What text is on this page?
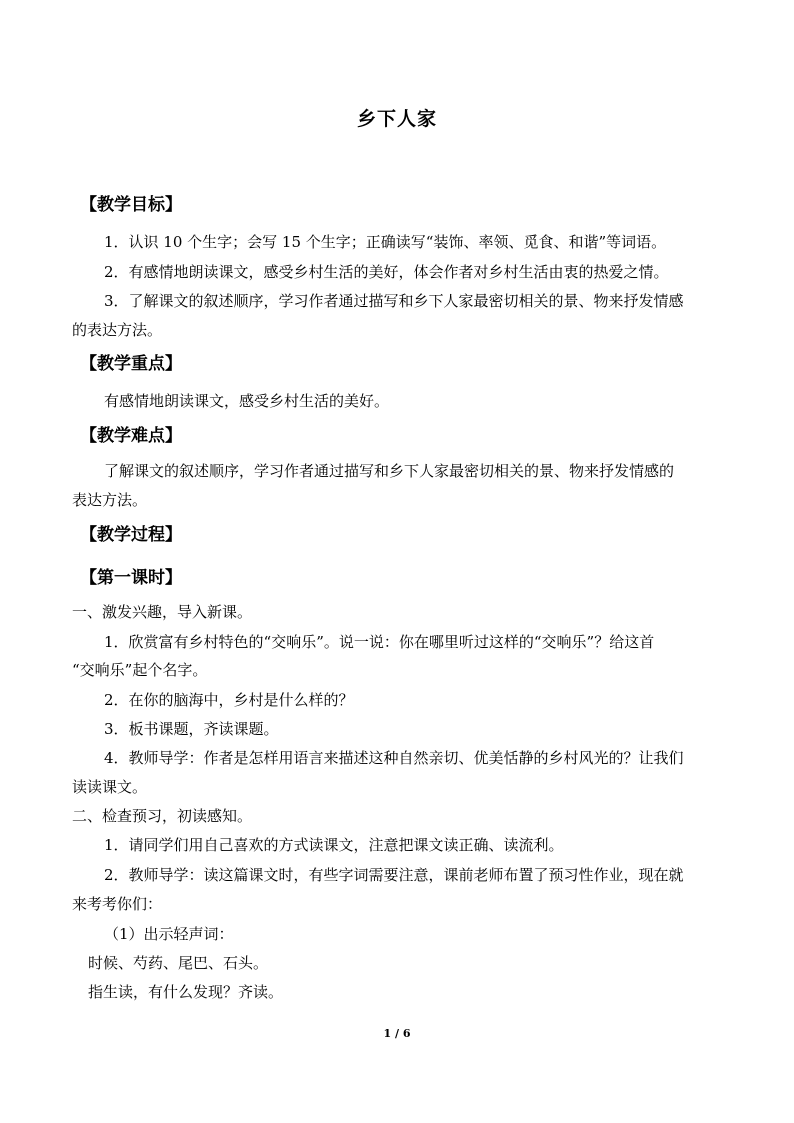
乡下人家
【教学目标】
1．认识 10 个生字；会写 15 个生字；正确读写“装饰、率领、觅食、和谐”等词语。
2．有感情地朗读课文，感受乡村生活的美好，体会作者对乡村生活由衷的热爱之情。
3．了解课文的叙述顺序，学习作者通过描写和乡下人家最密切相关的景、物来抒发情感
的表达方法。
【教学重点】
有感情地朗读课文，感受乡村生活的美好。
【教学难点】
了解课文的叙述顺序，学习作者通过描写和乡下人家最密切相关的景、物来抒发情感的
表达方法。
【教学过程】
【第一课时】
一、激发兴趣，导入新课。
1．欣赏富有乡村特色的“交响乐”。说一说：你在哪里听过这样的“交响乐”？给这首
“交响乐”起个名字。
2．在你的脑海中，乡村是什么样的？
3．板书课题，齐读课题。
4．教师导学：作者是怎样用语言来描述这种自然亲切、优美恬静的乡村风光的？让我们
读读课文。
二、检查预习，初读感知。
1．请同学们用自己喜欢的方式读课文，注意把课文读正确、读流利。
2．教师导学：读这篇课文时，有些字词需要注意，课前老师布置了预习性作业，现在就
来考考你们：
（1）出示轻声词：
时候、芍药、尾巴、石头。
指生读，有什么发现？齐读。
1 / 6
